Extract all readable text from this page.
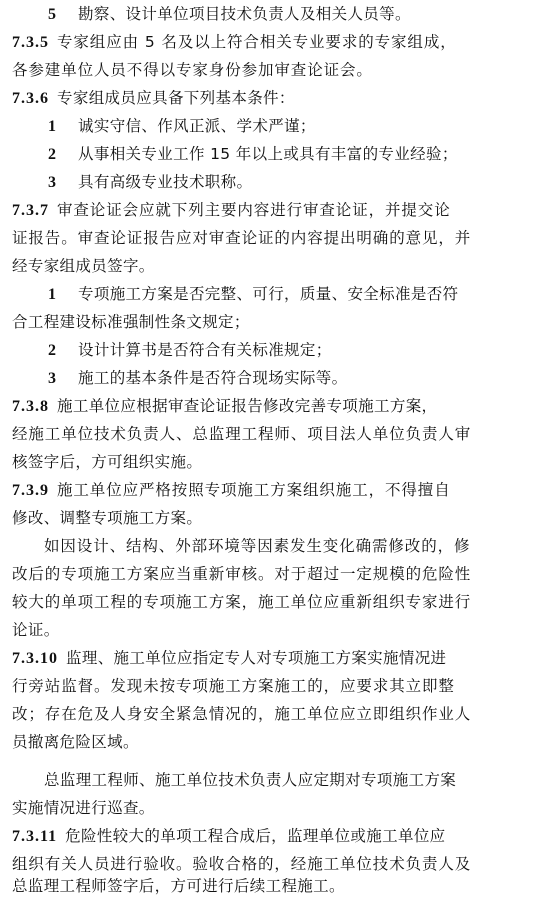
5 勘察、设计单位项目技术负责人及相关人员等。
7.3.5 专家组应由 5 名及以上符合相关专业要求的专家组成，
各参建单位人员不得以专家身份参加审查论证会。
7.3.6 专家组成员应具备下列基本条件：
1 诚实守信、作风正派、学术严谨；
2 从事相关专业工作 15 年以上或具有丰富的专业经验；
3 具有高级专业技术职称。
7.3.7 审查论证会应就下列主要内容进行审查论证，并提交论
证报告。审查论证报告应对审查论证的内容提出明确的意见，并
经专家组成员签字。
1 专项施工方案是否完整、可行，质量、安全标准是否符
合工程建设标准强制性条文规定；
2 设计计算书是否符合有关标准规定；
3 施工的基本条件是否符合现场实际等。
7.3.8 施工单位应根据审查论证报告修改完善专项施工方案，
经施工单位技术负责人、总监理工程师、项目法人单位负责人审
核签字后，方可组织实施。
7.3.9 施工单位应严格按照专项施工方案组织施工，不得擅自
修改、调整专项施工方案。
如因设计、结构、外部环境等因素发生变化确需修改的，修
改后的专项施工方案应当重新审核。对于超过一定规模的危险性
较大的单项工程的专项施工方案，施工单位应重新组织专家进行
论证。
7.3.10 监理、施工单位应指定专人对专项施工方案实施情况进
行旁站监督。发现未按专项施工方案施工的，应要求其立即整
改；存在危及人身安全紧急情况的，施工单位应立即组织作业人
员撤离危险区域。
总监理工程师、施工单位技术负责人应定期对专项施工方案
实施情况进行巡查。
7.3.11 危险性较大的单项工程合成后，监理单位或施工单位应
组织有关人员进行验收。验收合格的，经施工单位技术负责人及
总监理工程师签字后，方可进行后续工程施工。
